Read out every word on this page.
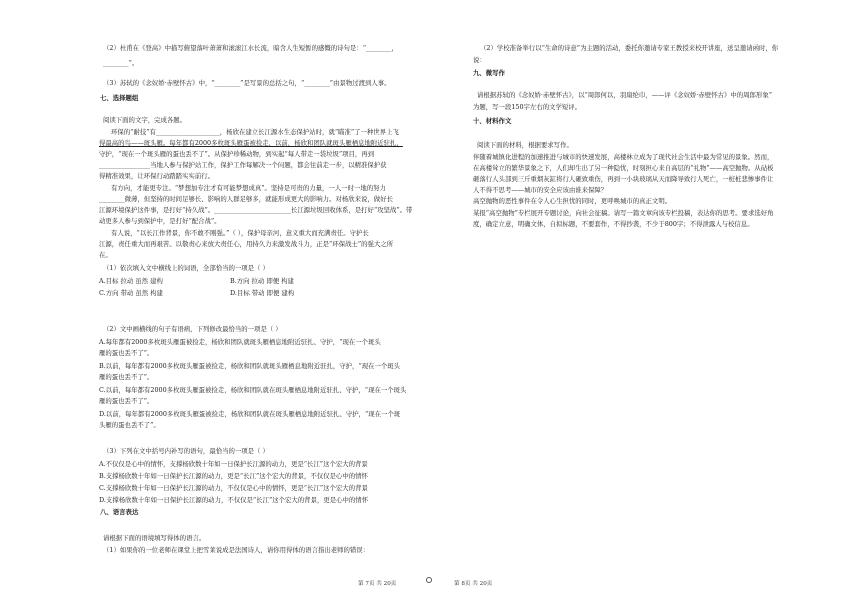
（2）杜甫在《登高》中描写俯望落叶萧萧和滚滚江水长流，暗含人生短暂的感慨的诗句是：“________，
________”。
（3）苏轼的《念奴娇·赤壁怀古》中，“________”是写景的总括之句，“________”由景物过渡到人事。
七、选择题组
阅读下面的文字，完成各题。
环保的“耐技”有____________________，杨欣在建立长江源水生态保护站时，就“瞄准”了一种世界上飞
得最高的鸟——斑头雁。每年都有2000多枚斑头雁蛋被捡走，以前，杨欣和团队就斑头雁栖息地附近驻扎，
守护，“现在一个斑头雁的蛋也丢不了”。从保护珍稀动物，到实起“每人带走一袋垃圾”项目，再到
________________当地人参与保护站工作，保护工作每解决一个问题，都会往前走一步，以精准保护获
得精准效果，让环保行动踏踏实实前行。
有方向，才能更专注。“梦想加专注才有可能梦想成真”。坚持是可贵的力量，一人一时一地的努力
________微薄，但坚持的时间足够长、影响的人群足够多，就能形成更大的影响力。对杨欣来说，做好长
江源环境保护这件事，是打好“持久战”。________________________长江源垃圾回收体系，是打好“攻坚战”。带
动更多人参与到保护中，是打好“配合战”。
有人说，“以长江作背景，你不敢不刚强。”（ ），保护母亲河，意义重大而充满责任。守护长
江源，责任重大而再艰苦。以敬责心来放大责任心，用持久力来激发战斗力，正是“环保战士”的强大之所
在。
（1）依次填入文中横线上的词语，全部恰当的一项是（ ）
A.目标 拉动 虽然 建构	B.方向 拉动 即便 构建
C.方向 带动 虽然 构建	D.目标 带动 即便 建构
（2）文中画横线的句子有语病，下列修改最恰当的一项是（ ）
A.每年都有2000多枚斑头雁蛋被捡走，杨欣和团队就斑头雁栖息地附近驻扎、守护，“现在一个斑头
雁的蛋也丢不了”。
B.以前，每年都有2000多枚斑头雁蛋被捡走，杨欣和团队就斑头雁栖息地附近驻扎，守护，“现在一个斑头
雁的蛋也丢不了”。
C.以前，每年都有2000多枚斑头雁蛋被捡走，杨欣和团队就在斑头雁栖息地附近驻扎、守护，“现在一个斑头
雁的蛋也丢不了”。
D.以前，每年都有2000多枚斑头雁蛋被捡走，杨欣和团队就在斑头雁栖息地附近驻扎、守护，“现在一个斑
头雁的蛋也丢不了”。
（3）下列在文中括号内补写的语句，最恰当的一项是（ ）
A.不仅仅是心中的情怀，支撑杨欣数十年如一日保护长江源的动力，更是“长江”这个宏大的背景
B.支撑杨欣数十年如一日保护长江源的动力，更是“长江”这个宏大的背景，不仅仅是心中的情怀
C.支撑杨欣数十年如一日保护长江源的动力，不仅仅是心中的情怀，更是“长江”这个宏大的背景
D.支撑杨欣数十年如一日保护长江源的动力，不仅仅是“长江”这个宏大的背景，更是心中的情怀
八、语言表达
请根据下面的语境填写得体的语言。
（1）如果你的一位老师在课堂上把雪莱说成是法国诗人，请你用得体的语言指出老师的错误：
（2）学校准备举行以“生命的诗意”为主题的活动，委托你邀请专家王教授来校开讲座，送呈邀请函时，你
说：
九、微写作
请根据苏轼的《念奴娇·赤壁怀古》，以“周郎何以，羽扇纶巾，——评《念奴娇·赤壁怀古》中的周郎形象”
为题，写一段150字左右的文学短评。
十、材料作文
阅读下面的材料，根据要求写作。
伴随着城镇化进程的加速推进与城市的快速发展，高楼林立成为了现代社会生活中最为常见的景象。然而，
在高楼耸立的繁华景象之下，人们却生出了另一种隐忧，时刻担心来自高层的“礼物”——高空抛物。从砧板
砸落行人头部到三斤重烟灰缸将行人砸致重伤，再到一小块玻璃从天而降导致行人死亡，一桩桩悲惨事件让
人不得不思考——城市的安全应该由谁来保障？
高空抛物的恶性事件在令人心生担忧的同时，更呼唤城市的真正文明。
某报“高空抛物”专栏展开专题讨论，向社会征稿。请写一篇文章向该专栏投稿，表达你的思考。要求选好角
度，确定立意，明确文体，自拟标题，不要套作，不得抄袭，不少于800字；不得泄露人与校信息。
第 7页 共 20页	第 8页 共 20页
